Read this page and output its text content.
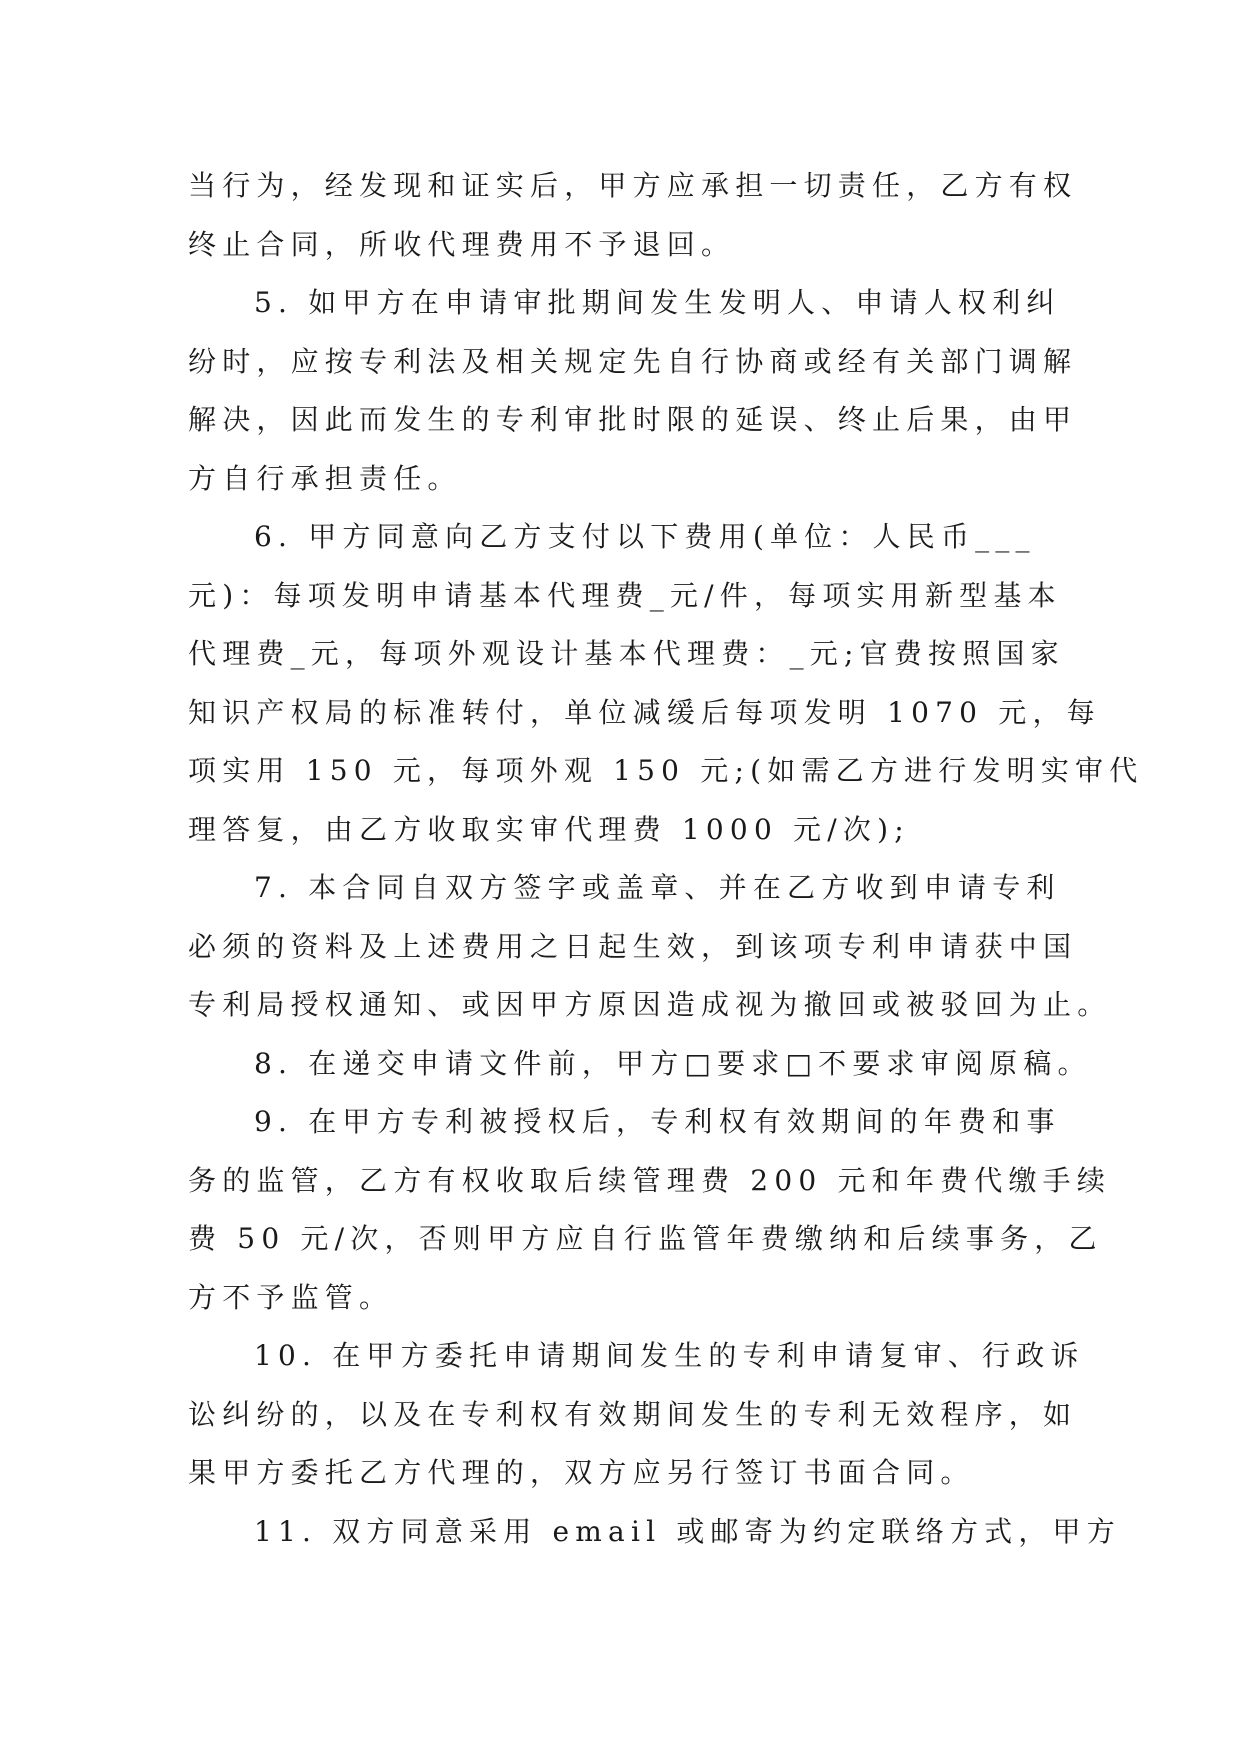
当行为，经发现和证实后，甲方应承担一切责任，乙方有权
终止合同，所收代理费用不予退回。
5. 如甲方在申请审批期间发生发明人、申请人权利纠
纷时，应按专利法及相关规定先自行协商或经有关部门调解
解决，因此而发生的专利审批时限的延误、终止后果，由甲
方自行承担责任。
6. 甲方同意向乙方支付以下费用(单位：人民币___
元)：每项发明申请基本代理费_元/件，每项实用新型基本
代理费_元，每项外观设计基本代理费：_元;官费按照国家
知识产权局的标准转付，单位减缓后每项发明 1070 元，每
项实用 150 元，每项外观 150 元;(如需乙方进行发明实审代
理答复，由乙方收取实审代理费 1000 元/次);
7. 本合同自双方签字或盖章、并在乙方收到申请专利
必须的资料及上述费用之日起生效，到该项专利申请获中国
专利局授权通知、或因甲方原因造成视为撤回或被驳回为止。
8. 在递交申请文件前，甲方□要求□不要求审阅原稿。
9. 在甲方专利被授权后，专利权有效期间的年费和事
务的监管，乙方有权收取后续管理费 200 元和年费代缴手续
费 50 元/次，否则甲方应自行监管年费缴纳和后续事务，乙
方不予监管。
10. 在甲方委托申请期间发生的专利申请复审、行政诉
讼纠纷的，以及在专利权有效期间发生的专利无效程序，如
果甲方委托乙方代理的，双方应另行签订书面合同。
11. 双方同意采用 email 或邮寄为约定联络方式，甲方
